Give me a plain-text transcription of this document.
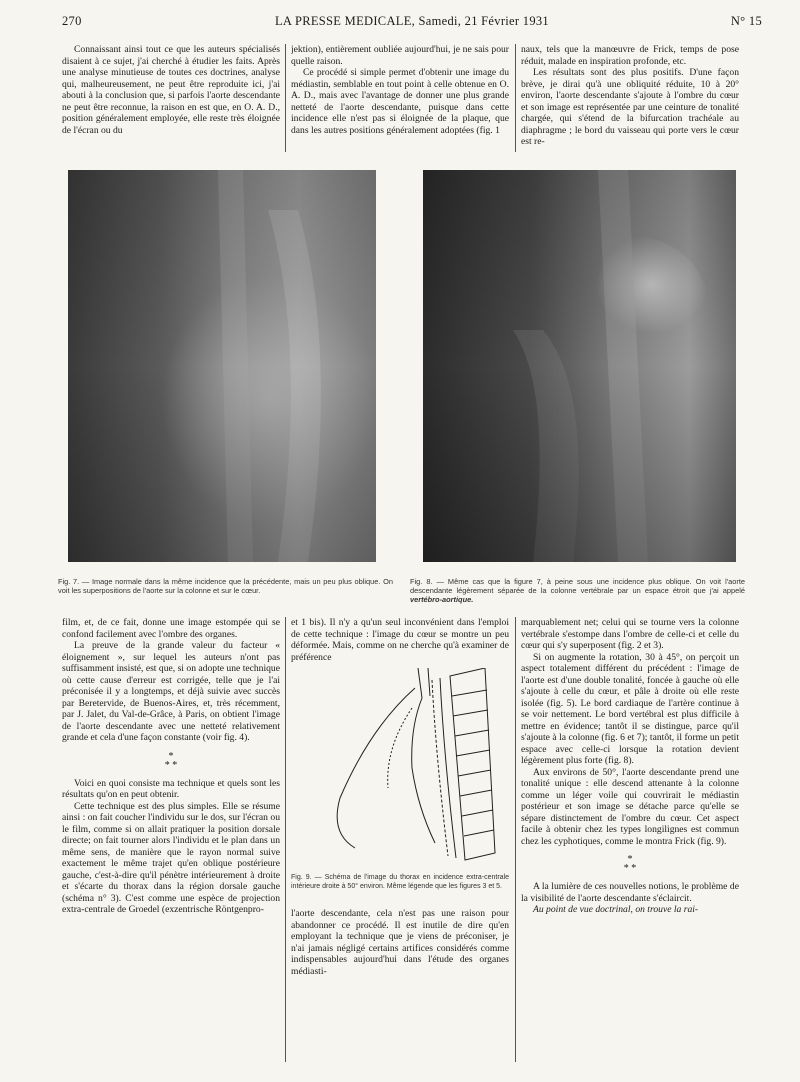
270	LA PRESSE MEDICALE, Samedi, 21 Février 1931	N° 15

Connaissant ainsi tout ce que les auteurs spécialisés disaient à ce sujet, j'ai cherché à étudier les faits. Après une analyse minutieuse de toutes ces doctrines, analyse qui, malheureusement, ne peut être reproduite ici, j'ai abouti à la conclusion que, si parfois l'aorte descendante ne peut être reconnue, la raison en est que, en O. A. D., position généralement employée, elle reste très éloignée de l'écran ou du

jektion), entièrement oubliée aujourd'hui, je ne sais pour quelle raison.

Ce procédé si simple permet d'obtenir une image du médiastin, semblable en tout point à celle obtenue en O. A. D., mais avec l'avantage de donner une plus grande netteté de l'aorte descendante, puisque dans cette incidence elle n'est pas si éloignée de la plaque, que dans les autres positions généralement adoptées (fig. 1

naux, tels que la manœuvre de Frick, temps de pose réduit, malade en inspiration profonde, etc.

Les résultats sont des plus positifs. D'une façon brève, je dirai qu'à une obliquité réduite, 10 à 20° environ, l'aorte descendante s'ajoute à l'ombre du cœur et son image est représentée par une ceinture de tonalité chargée, qui s'étend de la bifurcation trachéale au diaphragme ; le bord du vaisseau qui porte vers le cœur est re-

Fig. 7. — Image normale dans la même incidence que la précédente, mais un peu plus oblique. On voit les superpositions de l'aorte sur la colonne et sur le cœur.
Fig. 8. — Même cas que la figure 7, à peine sous une incidence plus oblique. On voit l'aorte descendante légèrement séparée de la colonne vertébrale par un espace étroit que j'ai appelé vertébro-aortique.

film, et, de ce fait, donne une image estompée qui se confond facilement avec l'ombre des organes.

La preuve de la grande valeur du facteur « éloignement », sur lequel les auteurs n'ont pas suffisamment insisté, est que, si on adopte une technique où cette cause d'erreur est corrigée, telle que je l'ai préconisée il y a longtemps, et déjà suivie avec succès par Beretervide, de Buenos-Aires, et, très récemment, par J. Jalet, du Val-de-Grâce, à Paris, on obtient l'image de l'aorte descendante avec une netteté relativement grande et cela d'une façon constante (voir fig. 4).

*
* *

Voici en quoi consiste ma technique et quels sont les résultats qu'on en peut obtenir.

Cette technique est des plus simples. Elle se résume ainsi : on fait coucher l'individu sur le dos, sur l'écran ou le film, comme si on allait pratiquer la position dorsale directe; on fait tourner alors l'individu et le plan dans un même sens, de manière que le rayon normal suive exactement le même trajet qu'en oblique postérieure gauche, c'est-à-dire qu'il pénètre intérieurement à droite et s'écarte du thorax dans la région dorsale gauche (schéma n° 3). C'est comme une espèce de projection extra-centrale de Groedel (exzentrische Röntgenpro-

et 1 bis). Il n'y a qu'un seul inconvénient dans l'emploi de cette technique : l'image du cœur se montre un peu déformée. Mais, comme on ne cherche qu'à examiner de préférence

Fig. 9. — Schéma de l'image du thorax en incidence extra-centrale intérieure droite à 50° environ. Même légende que les figures 3 et 5.

l'aorte descendante, cela n'est pas une raison pour abandonner ce procédé. Il est inutile de dire qu'en employant la technique que je viens de préconiser, je n'ai jamais négligé certains artifices considérés comme indispensables aujourd'hui dans l'étude des organes médiasti-

marquablement net; celui qui se tourne vers la colonne vertébrale s'estompe dans l'ombre de celle-ci et celle du cœur qui s'y superposent (fig. 2 et 3).

Si on augmente la rotation, 30 à 45°, on perçoit un aspect totalement différent du précédent : l'image de l'aorte est d'une double tonalité, foncée à gauche où elle s'ajoute à celle du cœur, et pâle à droite où elle reste isolée (fig. 5). Le bord cardiaque de l'artère continue à se voir nettement. Le bord vertébral est plus difficile à mettre en évidence; tantôt il se distingue, parce qu'il s'ajoute à la colonne (fig. 6 et 7); tantôt, il forme un petit espace avec celle-ci lorsque la rotation devient légèrement plus forte (fig. 8).

Aux environs de 50°, l'aorte descendante prend une tonalité unique : elle descend attenante à la colonne comme un léger voile qui couvrirait le médiastin postérieur et son image se détache parce qu'elle se sépare distinctement de l'ombre du cœur. Cet aspect facile à obtenir chez les types longilignes est commun chez les cyphotiques, comme le montra Frick (fig. 9).

*
* *

A la lumière de ces nouvelles notions, le problème de la visibilité de l'aorte descendante s'éclaircit.

Au point de vue doctrinal, on trouve la rai-
